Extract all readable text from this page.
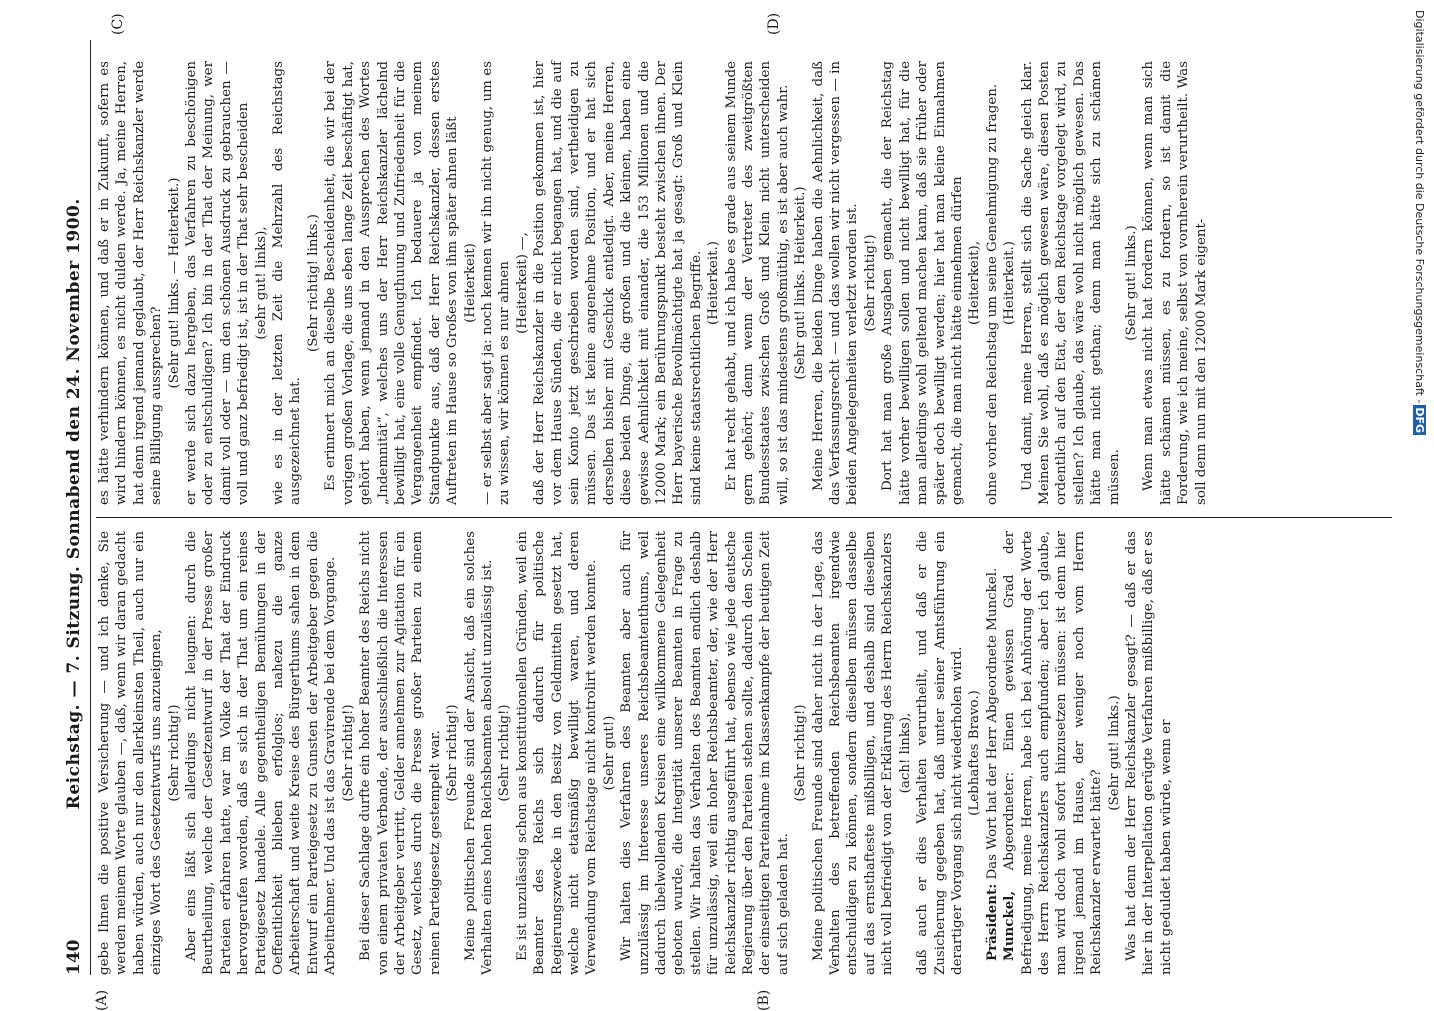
140
Reichstag. — 7. Sitzung. Sonnabend den 24. November 1900. gebe Ihnen die positive Versicherung — und ich denke, Sie werden meinem Worte glauben —, daß, wenn wir daran gedacht haben würden, auch nur den allerkleinsten Theil, auch nur ein einziges Wort des Gesetzentwurfs uns anzueignen, (Sehr richtig!) Aber eins läßt sich allerdings nicht leugnen: durch die Beurtheilung, welche der Gesetzentwurf in der Presse großer Parteien erfahren hatte, war im Volke der That der Eindruck hervorgerufen worden, daß es sich in der That um ein reines Parteigesetz handele. Alle gegentheiligen Bemühungen in der Oeffentlichkeit blieben erfolglos; nahezu die ganze Arbeiterschaft und weite Kreise des Bürgerthums sahen in dem Entwurf ein Parteigesetz zu Gunsten der Arbeitgeber gegen die Arbeitnehmer. Und das ist das Gravirende bei dem Vorgange. (Sehr richtig!) Bei dieser Sachlage durfte ein hoher Beamter des Reichs nicht von einem privaten Verbande, der ausschließlich die Interessen der Arbeitgeber vertritt, Gelder annehmen zur Agitation für ein Gesetz, welches durch die Presse großer Parteien zu einem reinen Parteigesetz gestempelt war. (Sehr richtig!) Meine politischen Freunde sind der Ansicht, daß ein solches Verhalten eines hohen Reichsbeamten absolut unzulässig ist. (Sehr richtig!) Es ist unzulässig schon aus konstitutionellen Gründen, weil ein Beamter des Reichs sich dadurch für politische Regierungszwecke in den Besitz von Geldmitteln gesetzt hat, welche nicht etatsmäßig bewilligt waren, und deren Verwendung vom Reichstage nicht kontrolirt werden konnte. (Sehr gut!) Wir halten dies Verfahren des Beamten aber auch für unzulässig im Interesse unseres Reichsbeamtenthums, weil dadurch übelwollenden Kreisen eine willkommene Gelegenheit geboten wurde, die Integrität unserer Beamten in Frage zu stellen. Wir halten das Verhalten des Beamten endlich deshalb für unzulässig, weil ein hoher Reichsbeamter, der, wie der Herr Reichskanzler richtig ausgeführt hat, ebenso wie jede deutsche Regierung über den Parteien stehen sollte, dadurch den Schein der einseitigen Parteinahme im Klassenkampfe der heutigen Zeit auf sich geladen hat.

(Sehr richtig!) Meine politischen Freunde sind daher nicht in der Lage, das Verhalten des betreffenden Reichsbeamten irgendwie entschuldigen zu können, sondern dieselben müssen dasselbe auf das ernsthafteste mißbilligen, und deshalb sind dieselben nicht voll befriedigt von der Erklärung des Herrn Reichskanzlers (ach! links), daß auch er dies Verhalten verurtheilt, und daß er die Zusicherung gegeben hat, daß unter seiner Amtsführung ein derartiger Vorgang sich nicht wiederholen wird. (Lebhaftes Bravo.)

Präsident: Das Wort hat der Herr Abgeordnete Munckel.

Munckel, Abgeordneter: Einen gewissen Grad der Befriedigung, meine Herren, habe ich bei Anhörung der Worte des Herrn Reichskanzlers auch empfunden; aber ich glaube, man wird doch wohl sofort hinzusetzen müssen: ist denn hier irgend jemand im Hause, der weniger noch vom Herrn Reichskanzler erwartet hätte?

(Sehr gut! links.) Was hat denn der Herr Reichskanzler gesagt? — daß er das hier in der Interpellation gerügte Verfahren mißbillige, daß er es nicht geduldet haben würde, wenn er

es hätte verhindern können, und daß er in Zukunft, sofern es wird hindern können, es nicht dulden werde. Ja, meine Herren, hat denn irgend jemand geglaubt, der Herr Reichskanzler werde seine Billigung aussprechen?

(Sehr gut! links. — Heiterkeit.) er werde sich dazu hergeben, das Verfahren zu beschönigen oder zu entschuldigen? Ich bin in der That der Meinung, wer damit voll oder — um den schönen Ausdruck zu gebrauchen — voll und ganz befriedigt ist, ist in der That sehr bescheiden (sehr gut! links), wie es in der letzten Zeit die Mehrzahl des Reichstags ausgezeichnet hat.

(Sehr richtig! links.) Es erinnert mich an dieselbe Bescheidenheit, die wir bei der vorigen großen Vorlage, die uns eben lange Zeit beschäftigt hat, gehört haben, wenn jemand in den Aussprechen des Wortes „Indemnität“, welches uns der Herr Reichskanzler lächelnd bewilligt hat, eine volle Genugthuung und Zufriedenheit für die Vergangenheit empfindet. Ich bedauere ja von meinem Standpunkte aus, daß der Herr Reichskanzler, dessen erstes Auftreten im Hause so Großes von ihm später ahnen läßt (Heiterkeit) — er selbst aber sagt ja: noch kennen wir ihn nicht genug, um es zu wissen, wir können es nur ahnen (Heiterkeit) —, daß der Herr Reichskanzler in die Position gekommen ist, hier vor dem Hause Sünden, die er nicht begangen hat, und die auf sein Konto jetzt geschrieben worden sind, vertheidigen zu müssen. Das ist keine angenehme Position, und er hat sich derselben bisher mit Geschick entledigt. Aber, meine Herren, diese beiden Dinge, die großen und die kleinen, haben eine gewisse Aehnlichkeit mit einander, die 153 Millionen und die 12000 Mark; ein Berührungspunkt besteht zwischen ihnen. Der Herr bayerische Bevollmächtigte hat ja gesagt: Groß und Klein sind keine staatsrechtlichen Begriffe. (Heiterkeit.) Er hat recht gehabt, und ich habe es grade aus seinem Munde gern gehört; denn wenn der Vertreter des zweitgrößten Bundesstaates zwischen Groß und Klein nicht unterscheiden will, so ist das mindestens großmüthig, es ist aber auch wahr. (Sehr gut! links. Heiterkeit.) Meine Herren, die beiden Dinge haben die Aehnlichkeit, daß das Verfassungsrecht — und das wollen wir nicht vergessen — in beiden Angelegenheiten verletzt worden ist. (Sehr richtig!) Dort hat man große Ausgaben gemacht, die der Reichstag hätte vorher bewilligen sollen und nicht bewilligt hat, für die man allerdings wohl geltend machen kann, daß sie früher oder später doch bewilligt werden; hier hat man kleine Einnahmen gemacht, die man nicht hätte einnehmen dürfen (Heiterkeit), ohne vorher den Reichstag um seine Genehmigung zu fragen. (Heiterkeit.) Und damit, meine Herren, stellt sich die Sache gleich klar. Meinen Sie wohl, daß es möglich gewesen wäre, diesen Posten ordentlich auf den Etat, der dem Reichstage vorgelegt wird, zu stellen? Ich glaube, das wäre wohl nicht möglich gewesen. Das hätte man nicht gethan; denn man hätte sich zu schämen müssen.

(Sehr gut! links.) Wenn man etwas nicht hat fordern können, wenn man sich hätte schämen müssen, es zu fordern, so ist damit die Forderung, wie ich meine, selbst von vornherein verurtheilt. Was soll denn nun mit den 12000 Mark eigent-

(A)	(B)
(C)	(D)	Digitalisierung gefördert durch die Deutsche Forschungsgemeinschaft -DFG
